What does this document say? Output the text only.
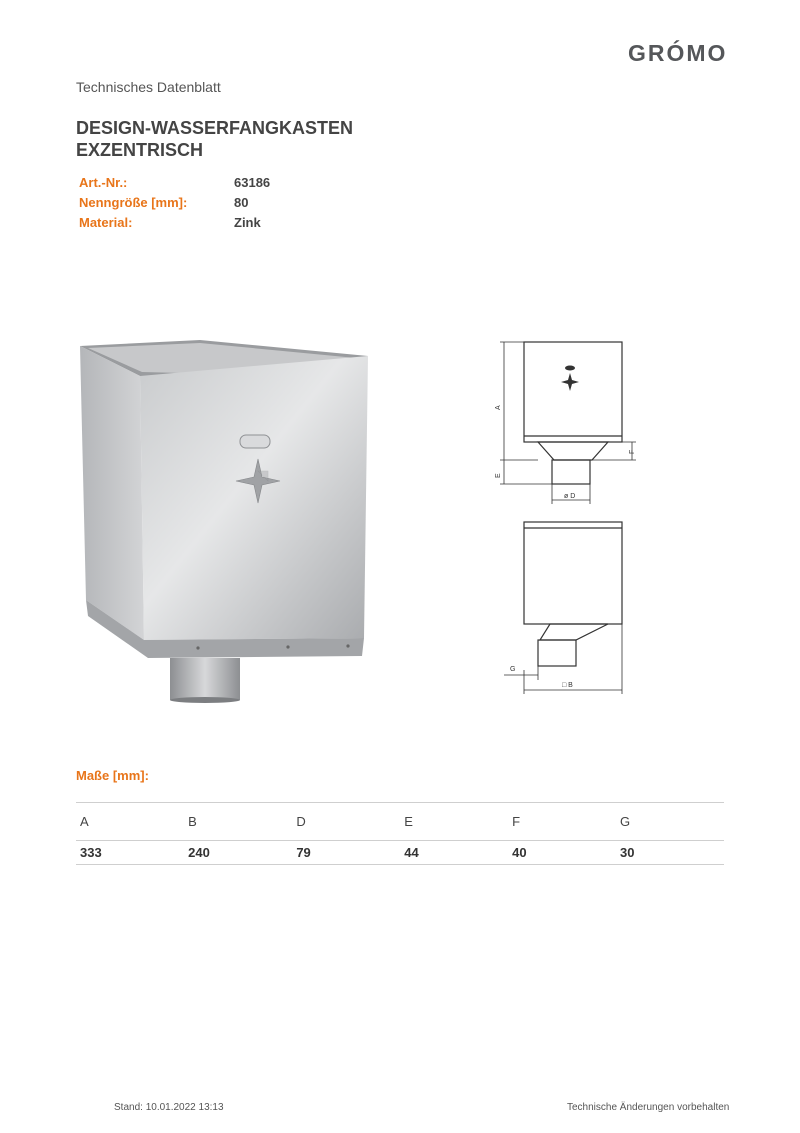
GRÓMO
Technisches Datenblatt
DESIGN-WASSERFANGKASTEN
EXZENTRISCH
Art.-Nr.:	63186
Nenngröße [mm]:	80
Material:	Zink
A
E
ø D
F
G
□ B
Maße [mm]:
A	B	D	E	F	G
333	240	79	44	40	30
Stand: 10.01.2022 13:13	Technische Änderungen vorbehalten
